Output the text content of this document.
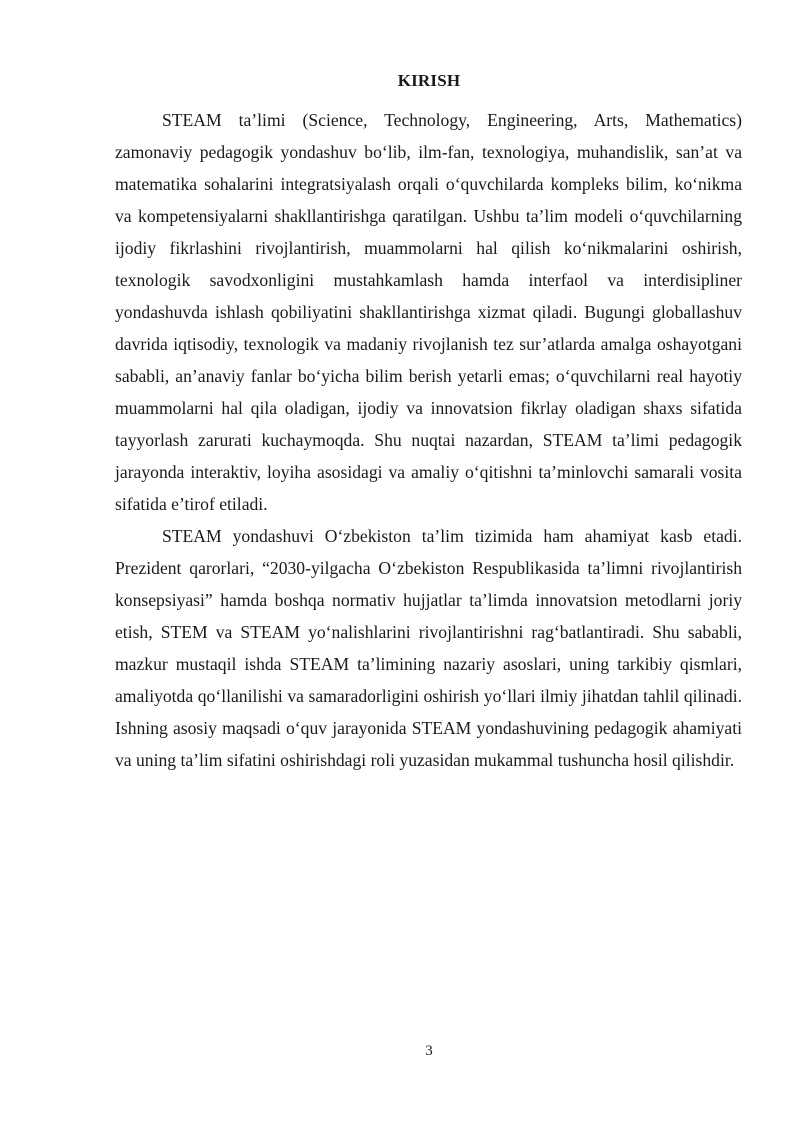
KIRISH

STEAM ta’limi (Science, Technology, Engineering, Arts, Mathematics) zamonaviy pedagogik yondashuv bo‘lib, ilm-fan, texnologiya, muhandislik, san’at va matematika sohalarini integratsiyalash orqali o‘quvchilarda kompleks bilim, ko‘nikma va kompetensiyalarni shakllantirishga qaratilgan. Ushbu ta’lim modeli o‘quvchilarning ijodiy fikrlashini rivojlantirish, muammolarni hal qilish ko‘nikmalarini oshirish, texnologik savodxonligini mustahkamlash hamda interfaol va interdisipliner yondashuvda ishlash qobiliyatini shakllantirishga xizmat qiladi. Bugungi globallashuv davrida iqtisodiy, texnologik va madaniy rivojlanish tez sur’atlarda amalga oshayotgani sababli, an’anaviy fanlar bo‘yicha bilim berish yetarli emas; o‘quvchilarni real hayotiy muammolarni hal qila oladigan, ijodiy va innovatsion fikrlay oladigan shaxs sifatida tayyorlash zarurati kuchaymoqda. Shu nuqtai nazardan, STEAM ta’limi pedagogik jarayonda interaktiv, loyiha asosidagi va amaliy o‘qitishni ta’minlovchi samarali vosita sifatida e’tirof etiladi.

STEAM yondashuvi O‘zbekiston ta’lim tizimida ham ahamiyat kasb etadi. Prezident qarorlari, “2030-yilgacha O‘zbekiston Respublikasida ta’limni rivojlantirish konsepsiyasi” hamda boshqa normativ hujjatlar ta’limda innovatsion metodlarni joriy etish, STEM va STEAM yo‘nalishlarini rivojlantirishni rag‘batlantiradi. Shu sababli, mazkur mustaqil ishda STEAM ta’limining nazariy asoslari, uning tarkibiy qismlari, amaliyotda qo‘llanilishi va samaradorligini oshirish yo‘llari ilmiy jihatdan tahlil qilinadi. Ishning asosiy maqsadi o‘quv jarayonida STEAM yondashuvining pedagogik ahamiyati va uning ta’lim sifatini oshirishdagi roli yuzasidan mukammal tushuncha hosil qilishdir.

3
